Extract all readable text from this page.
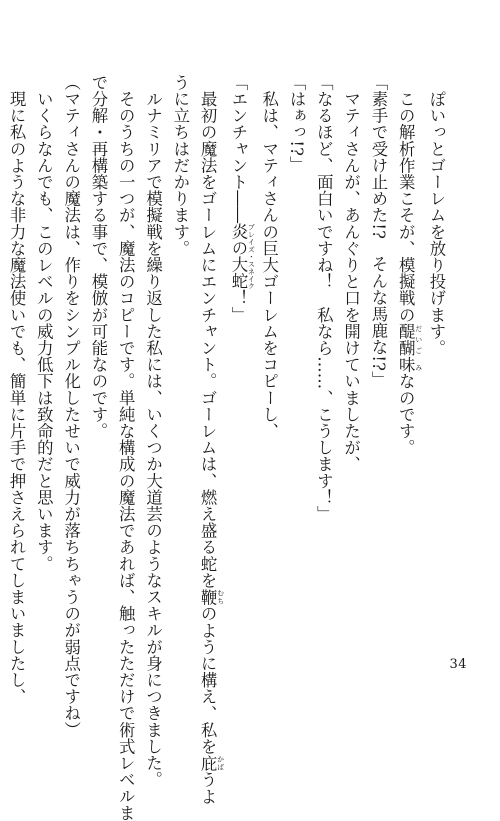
　ぽいっとゴーレムを放り投げます。
　この解析作業こそが、模擬戦の醍醐味 だいご みなのです。
「素手で受け止めた!?　そんな馬鹿な!?」
　マティさんが、あんぐりと口を開けていましたが、
「なるほど、面白いですね！　私なら……、こうします！」
「はぁっ!?」
　私は、マティさんの巨大ゴーレムをコピーし、
「エンチャント――炎の大蛇 ブレイズ・スネイク！」
　最初の魔法をゴーレムにエンチャント。ゴーレムは、燃え盛る蛇を鞭 むちのように構え、私を庇 かばうよ
うに立ちはだかります。
　ルナミリアで模擬戦を繰り返した私には、いくつか大道芸のようなスキルが身につきました。
　そのうちの一つが、魔法のコピーです。単純な構成の魔法であれば、触ったただけで術式レベルま
で分解・再構築する事で、模倣が可能なのです。
（マティさんの魔法は、作りをシンプル化したせいで威力が落ちちゃうのが弱点ですね）
　いくらなんでも、このレベルの威力低下は致命的だと思います。
　現に私のような非力な魔法使いでも、簡単に片手で押さえられてしまいましたし、	34
